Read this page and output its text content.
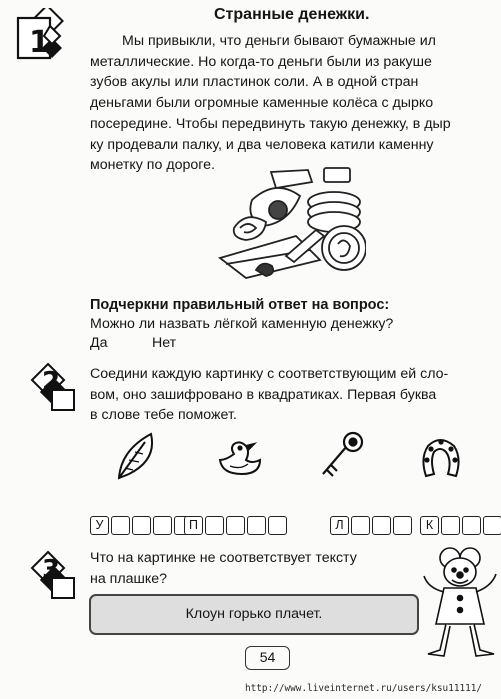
1
Странные денежки.
Мы привыкли, что деньги бывают бумажные ил
металлические. Но когда-то деньги были из ракуше
зубов акулы или пластинок соли. А в одной стран
деньгами были огромные каменные колёса с дырко
посередине. Чтобы передвинуть такую денежку, в дыр
ку продевали палку, и два человека катили каменну
монетку по дороге.
Подчеркни правильный ответ на вопрос:
Можно ли назвать лёгкой каменную денежку?
Да	Нет
2 Соедини каждую картинку с соответствующим ей сло-
вом, оно зашифровано в квадратиках. Первая буква
в слове тебе поможет.
У	П	Л	К
3 Что на картинке не соответствует тексту
на плашке?
Клоун горько плачет.
54
http://www.liveinternet.ru/users/ksu11111/
